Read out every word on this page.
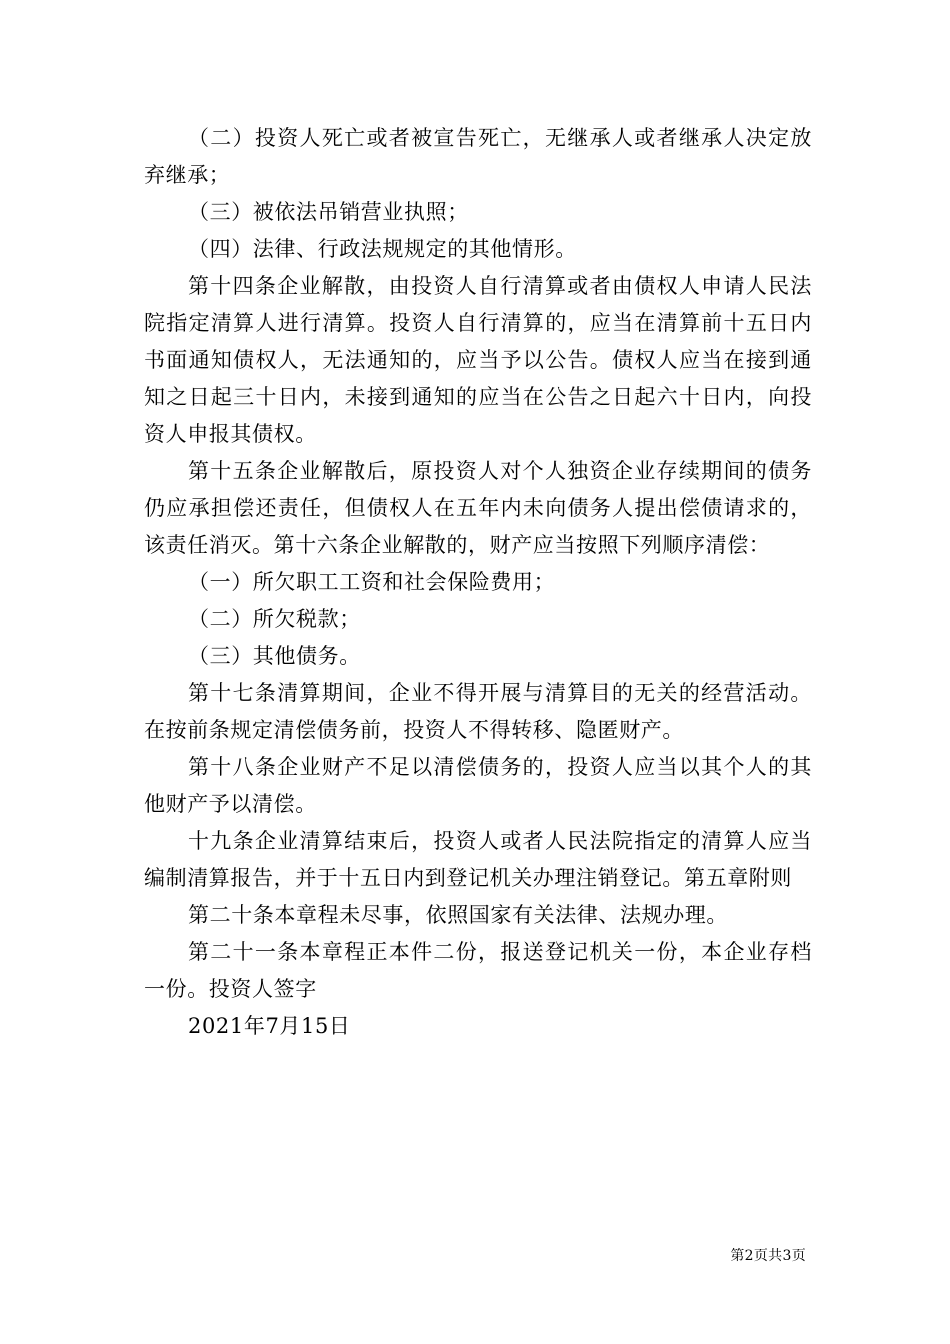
（二）投资人死亡或者被宣告死亡，无继承人或者继承人决定放弃继承；

（三）被依法吊销营业执照；

（四）法律、行政法规规定的其他情形。

第十四条企业解散，由投资人自行清算或者由债权人申请人民法院指定清算人进行清算。投资人自行清算的，应当在清算前十五日内书面通知债权人，无法通知的，应当予以公告。债权人应当在接到通知之日起三十日内，未接到通知的应当在公告之日起六十日内，向投资人申报其债权。

第十五条企业解散后，原投资人对个人独资企业存续期间的债务仍应承担偿还责任，但债权人在五年内未向债务人提出偿债请求的，该责任消灭。第十六条企业解散的，财产应当按照下列顺序清偿：

（一）所欠职工工资和社会保险费用；

（二）所欠税款；

（三）其他债务。

第十七条清算期间，企业不得开展与清算目的无关的经营活动。在按前条规定清偿债务前，投资人不得转移、隐匿财产。

第十八条企业财产不足以清偿债务的，投资人应当以其个人的其他财产予以清偿。

十九条企业清算结束后，投资人或者人民法院指定的清算人应当编制清算报告，并于十五日内到登记机关办理注销登记。第五章附则

第二十条本章程未尽事，依照国家有关法律、法规办理。

第二十一条本章程正本件二份，报送登记机关一份，本企业存档一份。投资人签字

2021年7月15日

第2页共3页
